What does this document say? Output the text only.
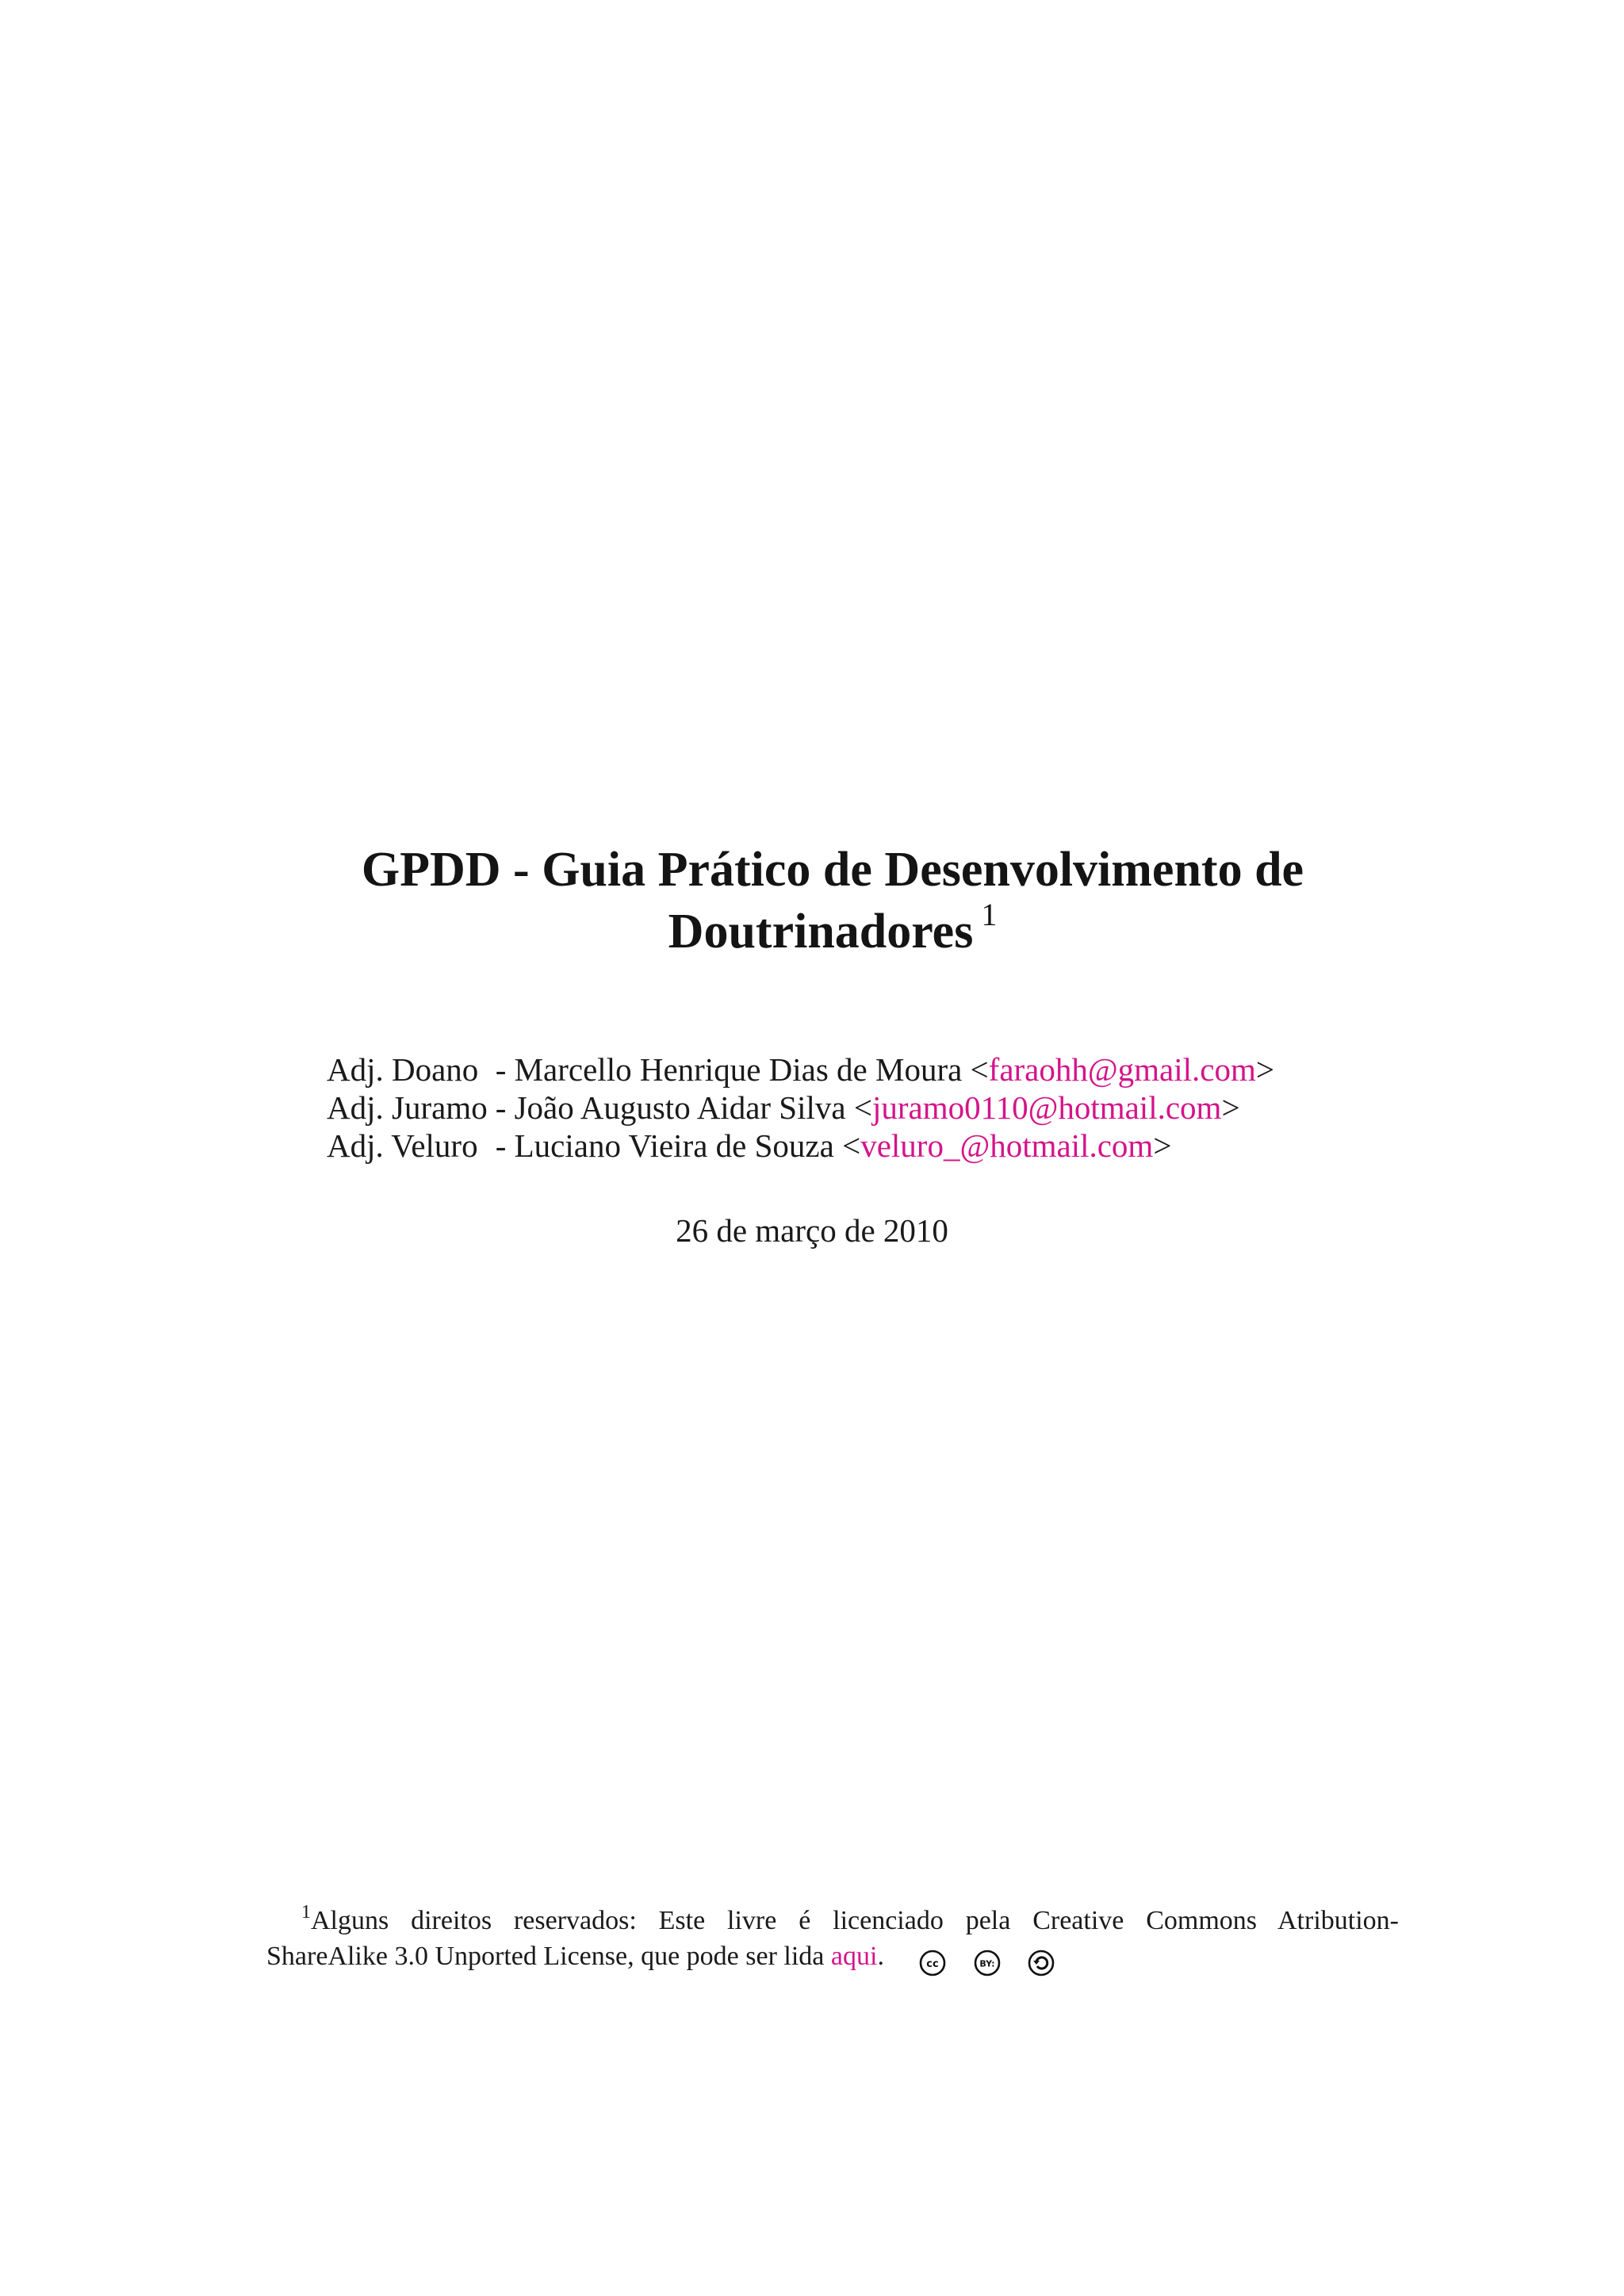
GPDD - Guia Prático de Desenvolvimento de
Doutrinadores $^1$
Adj. Doano	- Marcello Henrique Dias de Moura <faraohh@gmail.com>
Adj. Juramo	- João Augusto Aidar Silva <juramo0110@hotmail.com>
Adj. Veluro	- Luciano Vieira de Souza <veluro_@hotmail.com>
26 de março de 2010
$^1$Alguns direitos reservados: Este livre é licenciado pela Creative Commons Atribution-
ShareAlike 3.0 Unported License, que pode ser lida aqui.	cc
	BY:
